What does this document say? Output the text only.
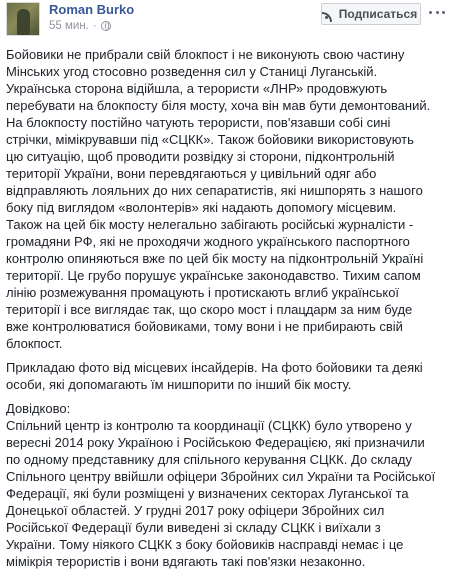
Roman Burko
55 мин. ·
Подписаться

Бойовики не прибрали свій блокпост і не виконують свою частину
Мінських угод стосовно розведення сил у Станиці Луганській.
Українська сторона відійшла, а терористи «ЛНР» продовжують
перебувати на блокпосту біля мосту, хоча він мав бути демонтований.
На блокпосту постійно чатують терористи, пов'язавши собі сині
стрічки, мімікрувавши під «СЦКК». Також бойовики використовують
цю ситуацію, щоб проводити розвідку зі сторони, підконтрольній
території України, вони перевдягаються у цивільний одяг або
відправляють лояльних до них сепаратистів, які нишпорять з нашого
боку під виглядом «волонтерів» які надають допомогу місцевим.
Також на цей бік мосту нелегально забігають російські журналісти -
громадяни РФ, які не проходячи жодного українського паспортного
контролю опиняються вже по цей бік мосту на підконтрольній Україні
території. Це грубо порушує українське законодавство. Тихим сапом
лінію розмежування промацують і протискають вглиб української
території і все виглядає так, що скоро мост і плацдарм за ним буде
вже контролюватися бойовиками, тому вони і не прибирають свій
блокпост.

Прикладаю фото від місцевих інсайдерів. На фото бойовики та деякі
особи, які допомагають їм нишпорити по інший бік мосту.

Довідково:
Спільний центр із контролю та координації (СЦКК) було утворено у
вересні 2014 року Україною і Російською Федерацією, які призначили
по одному представнику для спільного керування СЦКК. До складу
Спільного центру ввійшли офіцери Збройних сил України та Російської
Федерації, які були розміщені у визначених секторах Луганської та
Донецької областей. У грудні 2017 року офіцери Збройних сил
Російської Федерації були виведені зі складу СЦКК і виїхали з
України. Тому ніякого СЦКК з боку бойовиків насправді немає і це
мімікрія терористів і вони вдягають такі пов'язки незаконно.
